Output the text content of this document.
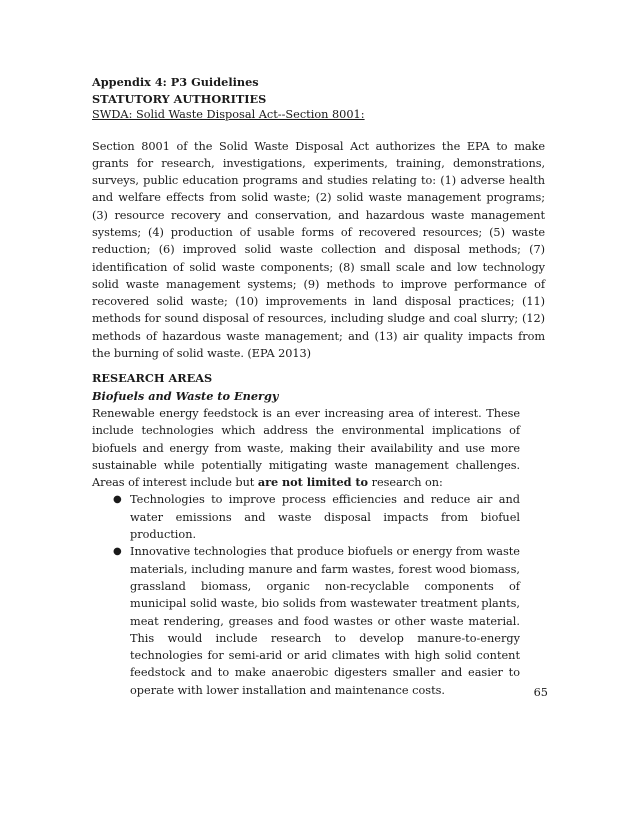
Appendix 4: P3 Guidelines
STATUTORY AUTHORITIES
SWDA: Solid Waste Disposal Act--Section 8001:

Section 8001 of the Solid Waste Disposal Act authorizes the EPA to make grants for research, investigations, experiments, training, demonstrations, surveys, public education programs and studies relating to: (1) adverse health and welfare effects from solid waste; (2) solid waste management programs; (3) resource recovery and conservation, and hazardous waste management systems; (4) production of usable forms of recovered resources; (5) waste reduction; (6) improved solid waste collection and disposal methods; (7) identification of solid waste components; (8) small scale and low technology solid waste management systems; (9) methods to improve performance of recovered solid waste; (10) improvements in land disposal practices; (11) methods for sound disposal of resources, including sludge and coal slurry; (12) methods of hazardous waste management; and (13) air quality impacts from the burning of solid waste. (EPA 2013)

RESEARCH AREAS
Biofuels and Waste to Energy
Renewable energy feedstock is an ever increasing area of interest. These include technologies which address the environmental implications of biofuels and energy from waste, making their availability and use more sustainable while potentially mitigating waste management challenges. Areas of interest include but are not limited to research on:
● Technologies to improve process efficiencies and reduce air and water emissions and waste disposal impacts from biofuel production.
● Innovative technologies that produce biofuels or energy from waste materials, including manure and farm wastes, forest wood biomass, grassland biomass, organic non-recyclable components of municipal solid waste, bio solids from wastewater treatment plants, meat rendering, greases and food wastes or other waste material. This would include research to develop manure-to-energy technologies for semi-arid or arid climates with high solid content feedstock and to make anaerobic digesters smaller and easier to operate with lower installation and maintenance costs.	65
